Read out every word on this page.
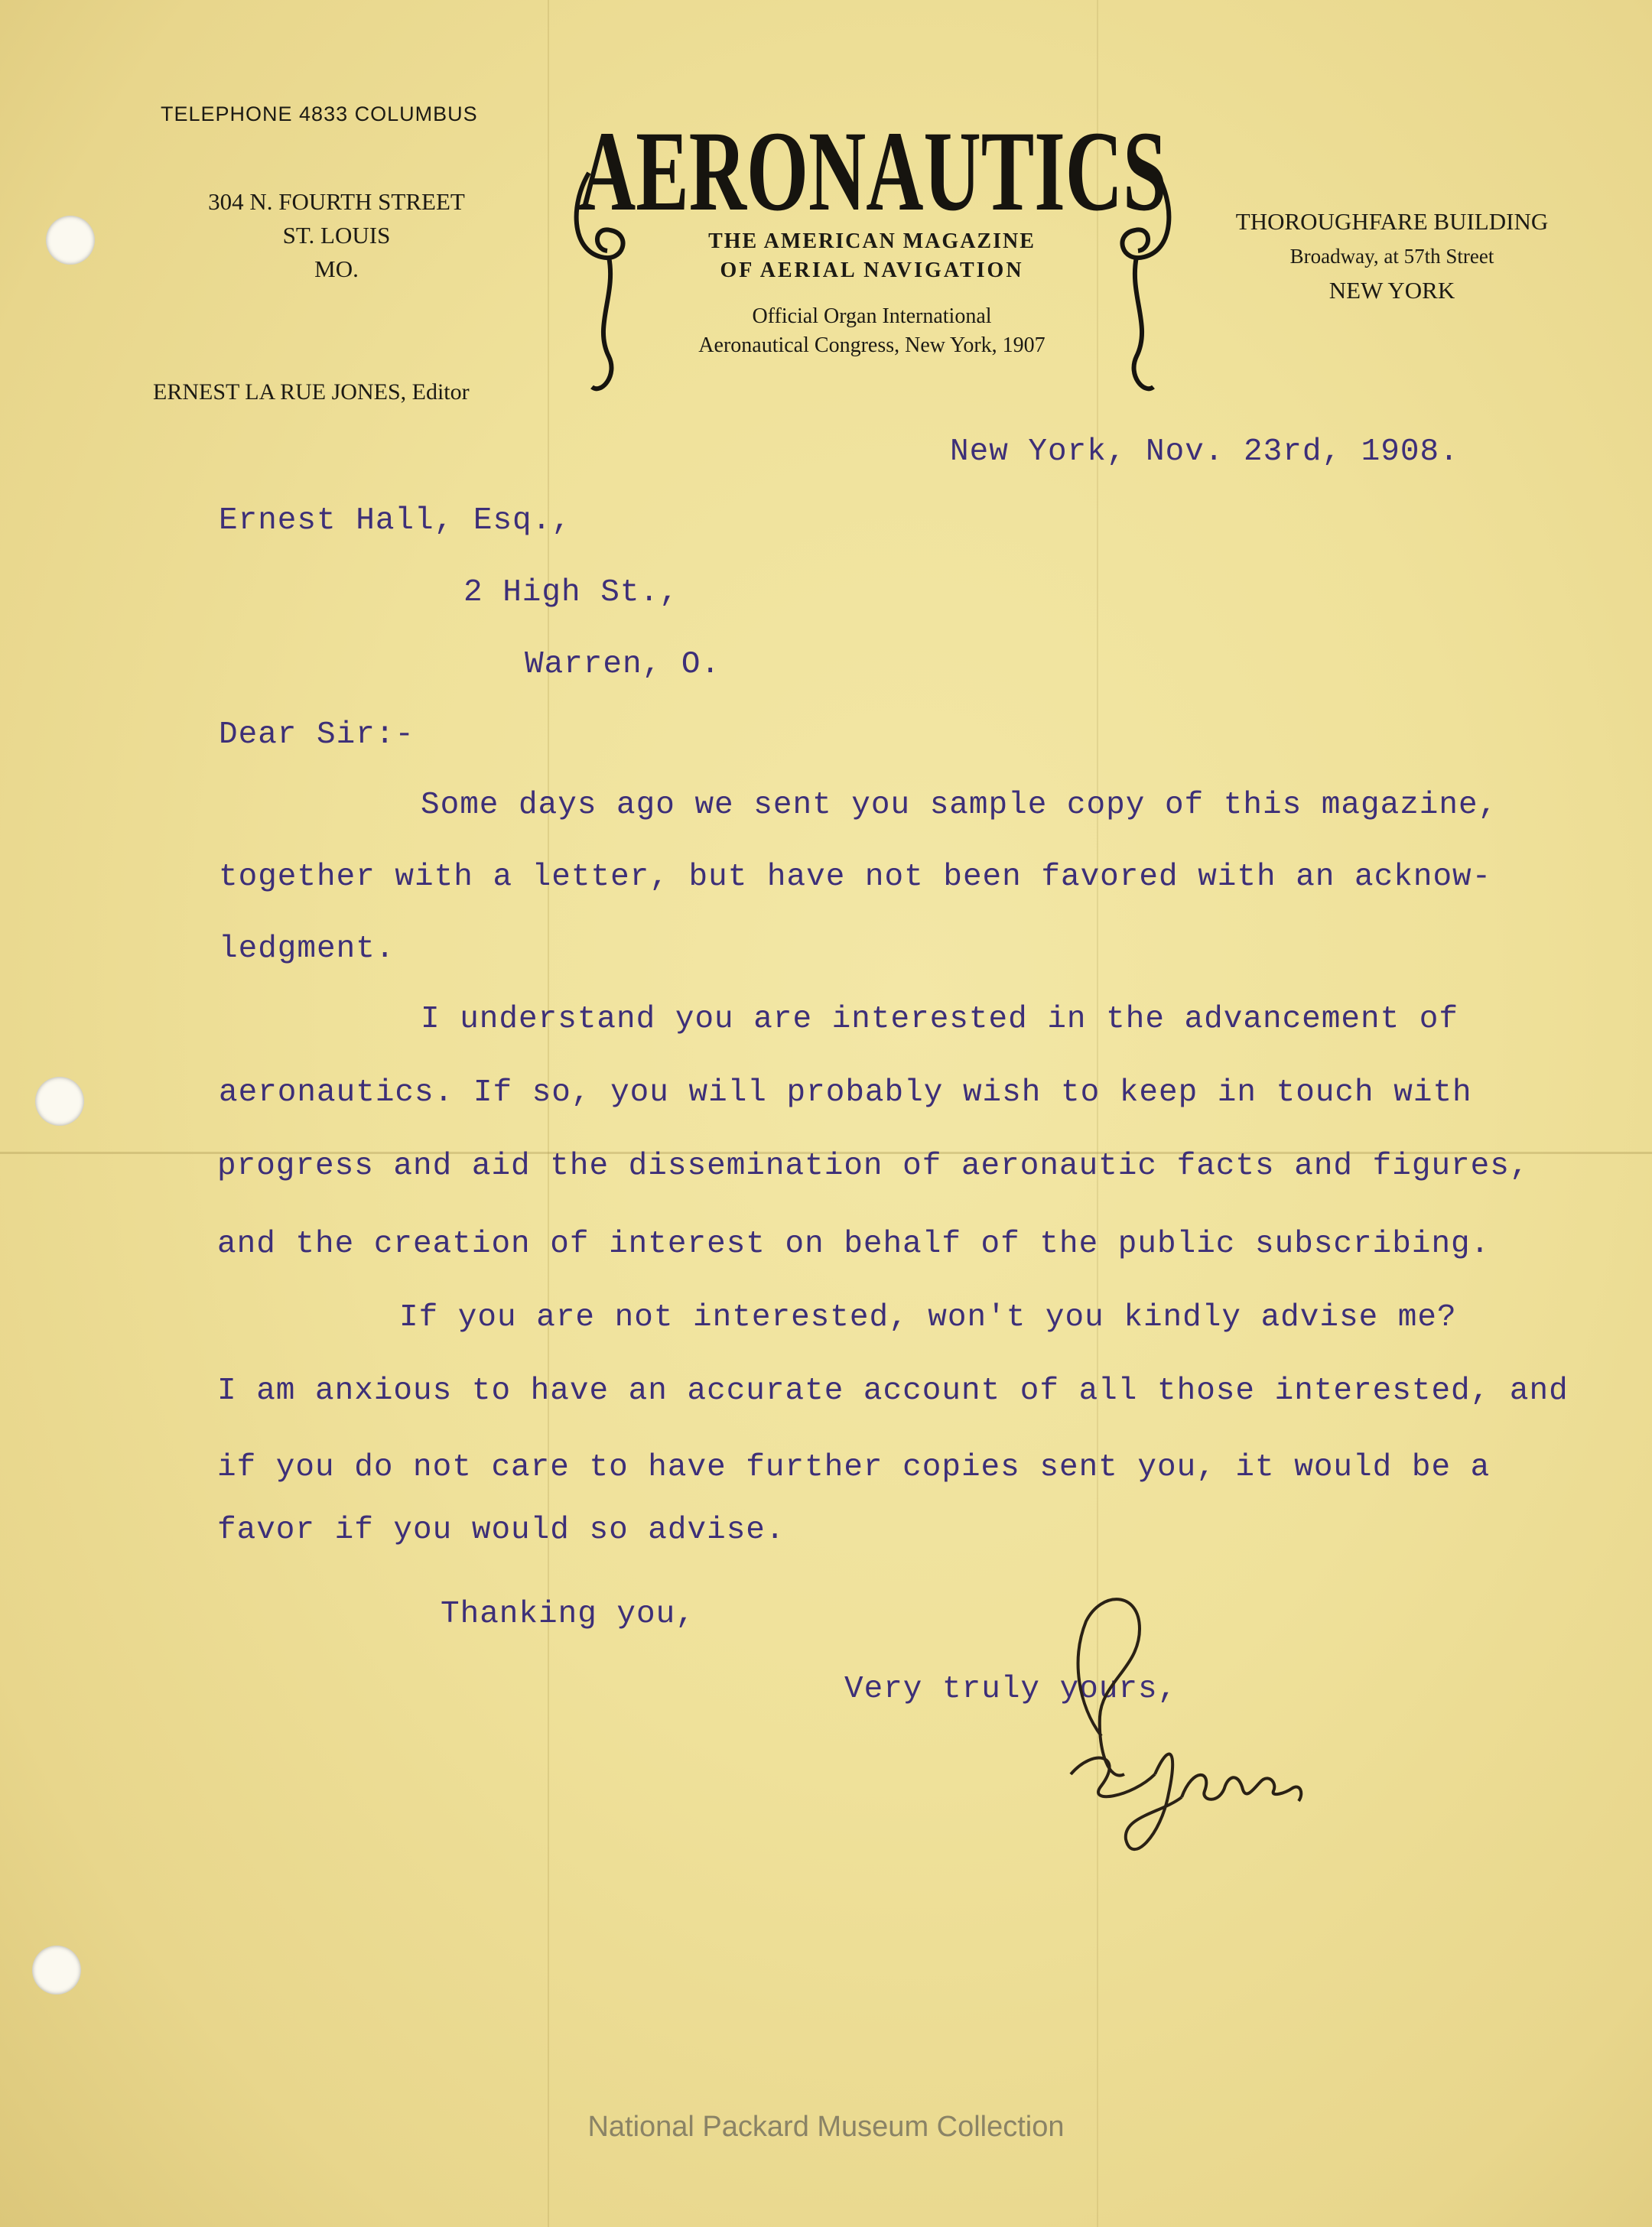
TELEPHONE 4833 COLUMBUS
304 N. FOURTH STREET
ST. LOUIS
MO.
ERNEST LA RUE JONES, Editor
AERONAUTICS
THE AMERICAN MAGAZINE
OF AERIAL NAVIGATION
Official Organ International
Aeronautical Congress, New York, 1907
THOROUGHFARE BUILDING
Broadway, at 57th Street
NEW YORK
New York, Nov. 23rd, 1908.
Ernest Hall, Esq.,
2 High St.,
Warren, O.
Dear Sir:-
Some days ago we sent you sample copy of this magazine,
together with a letter, but have not been favored with an acknow-
ledgment.
I understand you are interested in the advancement of
aeronautics. If so, you will probably wish to keep in touch with
progress and aid the dissemination of aeronautic facts and figures,
and the creation of interest on behalf of the public subscribing.
If you are not interested, won't you kindly advise me?
I am anxious to have an accurate account of all those interested, and
if you do not care to have further copies sent you, it would be a
favor if you would so advise.
Thanking you,
Very truly yours,
National Packard Museum Collection
